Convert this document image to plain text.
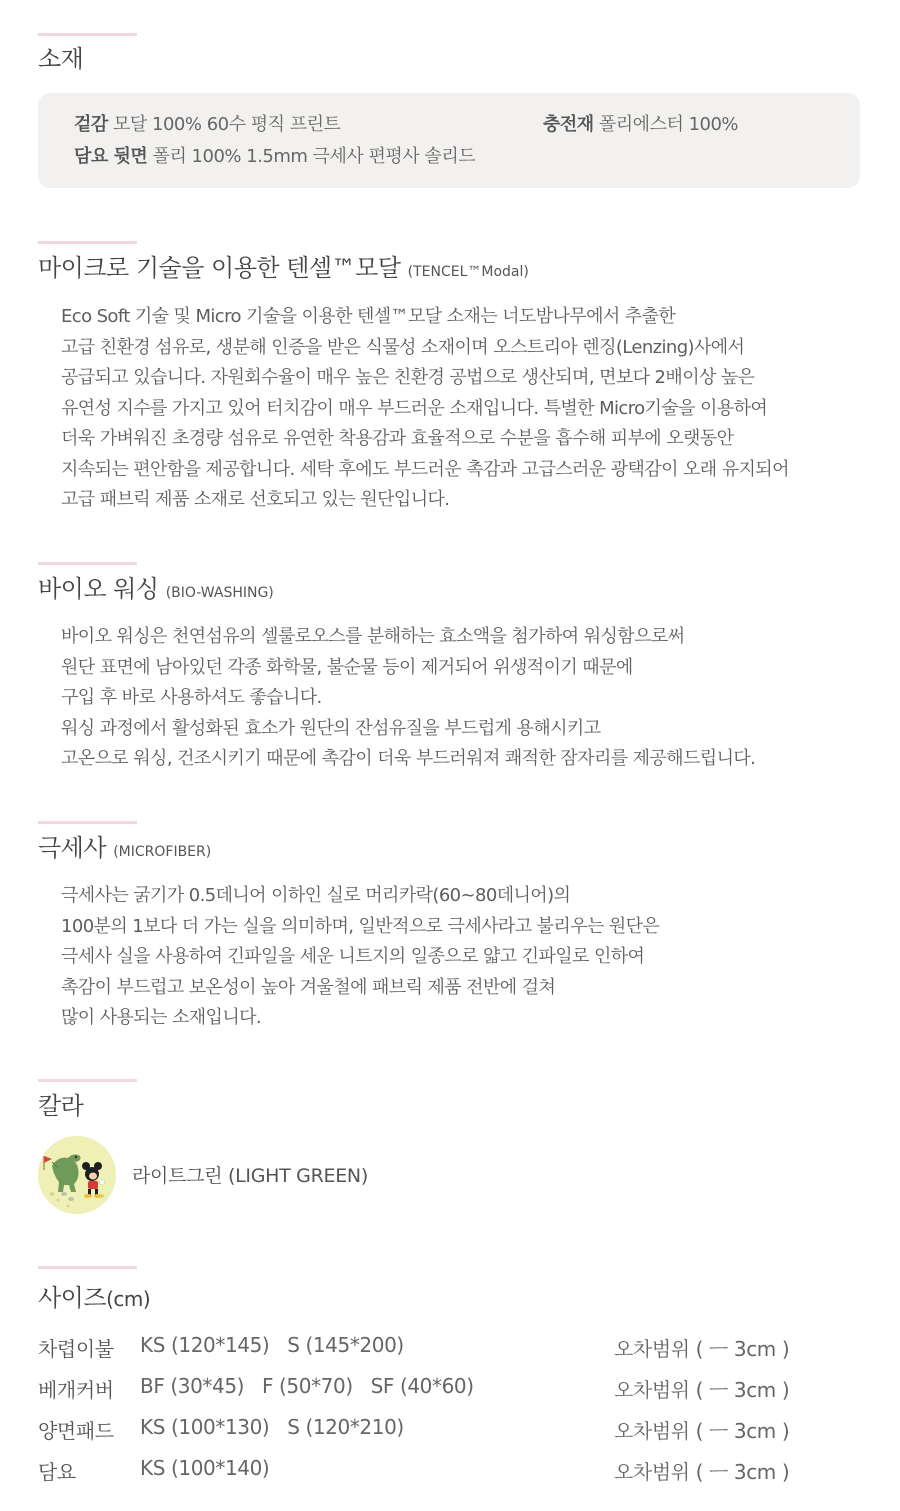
소재
겉감 모달 100% 60수 평직 프린트	충전재 폴리에스터 100%
담요 뒷면 폴리 100% 1.5mm 극세사 편평사 솔리드
마이크로 기술을 이용한 텐셀™모달 (TENCEL™Modal)
Eco Soft 기술 및 Micro 기술을 이용한 텐셀™모달 소재는 너도밤나무에서 추출한
고급 친환경 섬유로, 생분해 인증을 받은 식물성 소재이며 오스트리아 렌징(Lenzing)사에서
공급되고 있습니다. 자원회수율이 매우 높은 친환경 공법으로 생산되며, 면보다 2배이상 높은
유연성 지수를 가지고 있어 터치감이 매우 부드러운 소재입니다. 특별한 Micro기술을 이용하여
더욱 가벼워진 초경량 섬유로 유연한 착용감과 효율적으로 수분을 흡수해 피부에 오랫동안
지속되는 편안함을 제공합니다. 세탁 후에도 부드러운 촉감과 고급스러운 광택감이 오래 유지되어
고급 패브릭 제품 소재로 선호되고 있는 원단입니다.
바이오 워싱 (BIO-WASHING)
바이오 워싱은 천연섬유의 셀룰로오스를 분해하는 효소액을 첨가하여 워싱함으로써
원단 표면에 남아있던 각종 화학물, 불순물 등이 제거되어 위생적이기 때문에
구입 후 바로 사용하셔도 좋습니다.
워싱 과정에서 활성화된 효소가 원단의 잔섬유질을 부드럽게 용해시키고
고온으로 워싱, 건조시키기 때문에 촉감이 더욱 부드러워져 쾌적한 잠자리를 제공해드립니다.
극세사 (MICROFIBER)
극세사는 굵기가 0.5데니어 이하인 실로 머리카락(60~80데니어)의
100분의 1보다 더 가는 실을 의미하며, 일반적으로 극세사라고 불리우는 원단은
극세사 실을 사용하여 긴파일을 세운 니트지의 일종으로 얇고 긴파일로 인하여
촉감이 부드럽고 보온성이 높아 겨울철에 패브릭 제품 전반에 걸쳐
많이 사용되는 소재입니다.
칼라
라이트그린 (LIGHT GREEN)
사이즈(cm)
차렵이불 KS (120*145)   S (145*200)	오차범위 ( ㅡ 3cm )
베개커버 BF (30*45)   F (50*70)   SF (40*60)	오차범위 ( ㅡ 3cm )
양면패드 KS (100*130)   S (120*210)	오차범위 ( ㅡ 3cm )
담요	KS (100*140)	오차범위 ( ㅡ 3cm )
